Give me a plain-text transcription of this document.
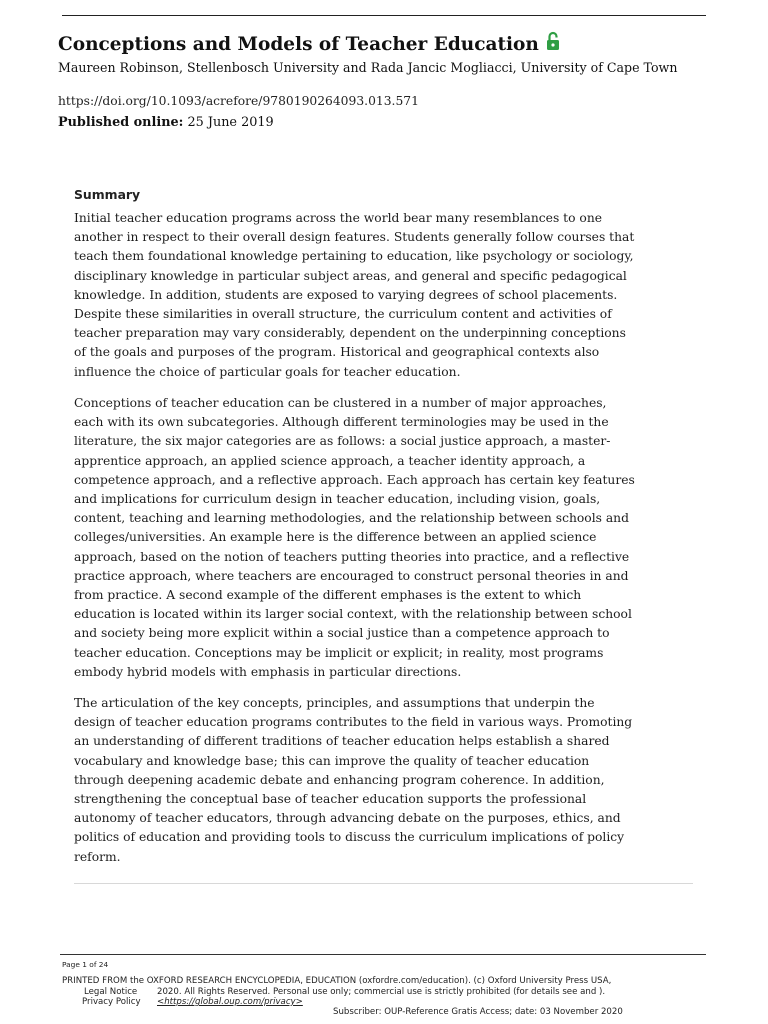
Conceptions and Models of Teacher Education
Maureen Robinson, Stellenbosch University and Rada Jancic Mogliacci, University of Cape Town
https://doi.org/10.1093/acrefore/9780190264093.013.571
Published online: 25 June 2019
Summary
Initial teacher education programs across the world bear many resemblances to one
another in respect to their overall design features. Students generally follow courses that
teach them foundational knowledge pertaining to education, like psychology or sociology,
disciplinary knowledge in particular subject areas, and general and specific pedagogical
knowledge. In addition, students are exposed to varying degrees of school placements.
Despite these similarities in overall structure, the curriculum content and activities of
teacher preparation may vary considerably, dependent on the underpinning conceptions
of the goals and purposes of the program. Historical and geographical contexts also
influence the choice of particular goals for teacher education.
Conceptions of teacher education can be clustered in a number of major approaches,
each with its own subcategories. Although different terminologies may be used in the
literature, the six major categories are as follows: a social justice approach, a master-
apprentice approach, an applied science approach, a teacher identity approach, a
competence approach, and a reflective approach. Each approach has certain key features
and implications for curriculum design in teacher education, including vision, goals,
content, teaching and learning methodologies, and the relationship between schools and
colleges/universities. An example here is the difference between an applied science
approach, based on the notion of teachers putting theories into practice, and a reflective
practice approach, where teachers are encouraged to construct personal theories in and
from practice. A second example of the different emphases is the extent to which
education is located within its larger social context, with the relationship between school
and society being more explicit within a social justice than a competence approach to
teacher education. Conceptions may be implicit or explicit; in reality, most programs
embody hybrid models with emphasis in particular directions.
The articulation of the key concepts, principles, and assumptions that underpin the
design of teacher education programs contributes to the field in various ways. Promoting
an understanding of different traditions of teacher education helps establish a shared
vocabulary and knowledge base; this can improve the quality of teacher education
through deepening academic debate and enhancing program coherence. In addition,
strengthening the conceptual base of teacher education supports the professional
autonomy of teacher educators, through advancing debate on the purposes, ethics, and
politics of education and providing tools to discuss the curriculum implications of policy
reform.
Page 1 of 24
PRINTED FROM the OXFORD RESEARCH ENCYCLOPEDIA, EDUCATION (oxfordre.com/education). (c) Oxford University Press USA,
Legal Notice 2020. All Rights Reserved. Personal use only; commercial use is strictly prohibited (for details see and ).
Privacy Policy <https://global.oup.com/privacy>
Subscriber: OUP-Reference Gratis Access; date: 03 November 2020
